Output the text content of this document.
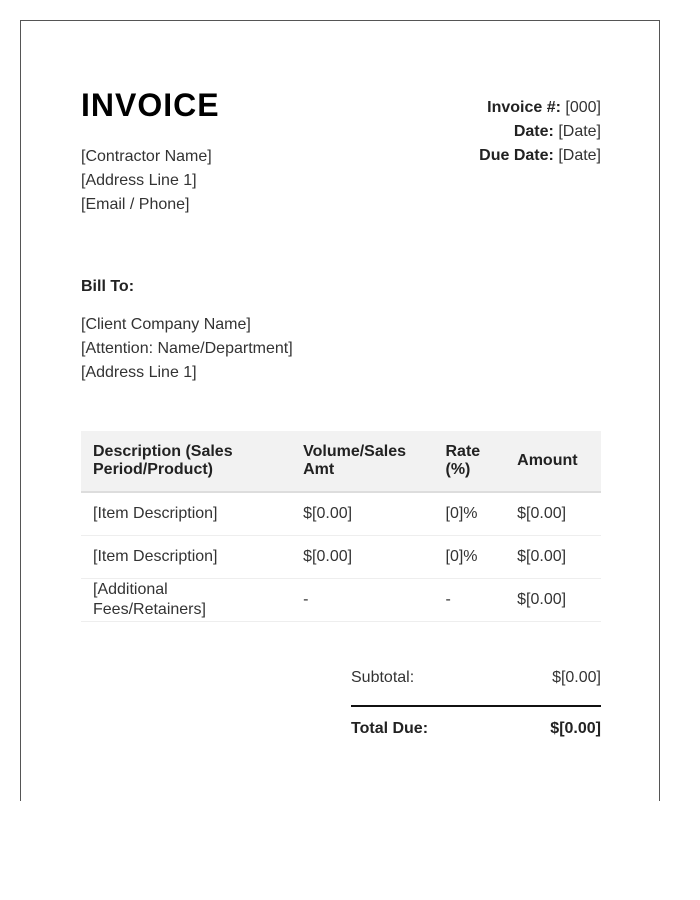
INVOICE
[Contractor Name]
[Address Line 1]
[Email / Phone]
Invoice #: [000]
Date: [Date]
Due Date: [Date]
Bill To:
[Client Company Name]
[Attention: Name/Department]
[Address Line 1]
Description (Sales Period/Product)	Volume/Sales Amt	Rate (%)	Amount
[Item Description]	$[0.00]	[0]%	$[0.00]
[Item Description]	$[0.00]	[0]%	$[0.00]
[Additional Fees/Retainers]	-	-	$[0.00]
Subtotal:	$[0.00]
Total Due:	$[0.00]
